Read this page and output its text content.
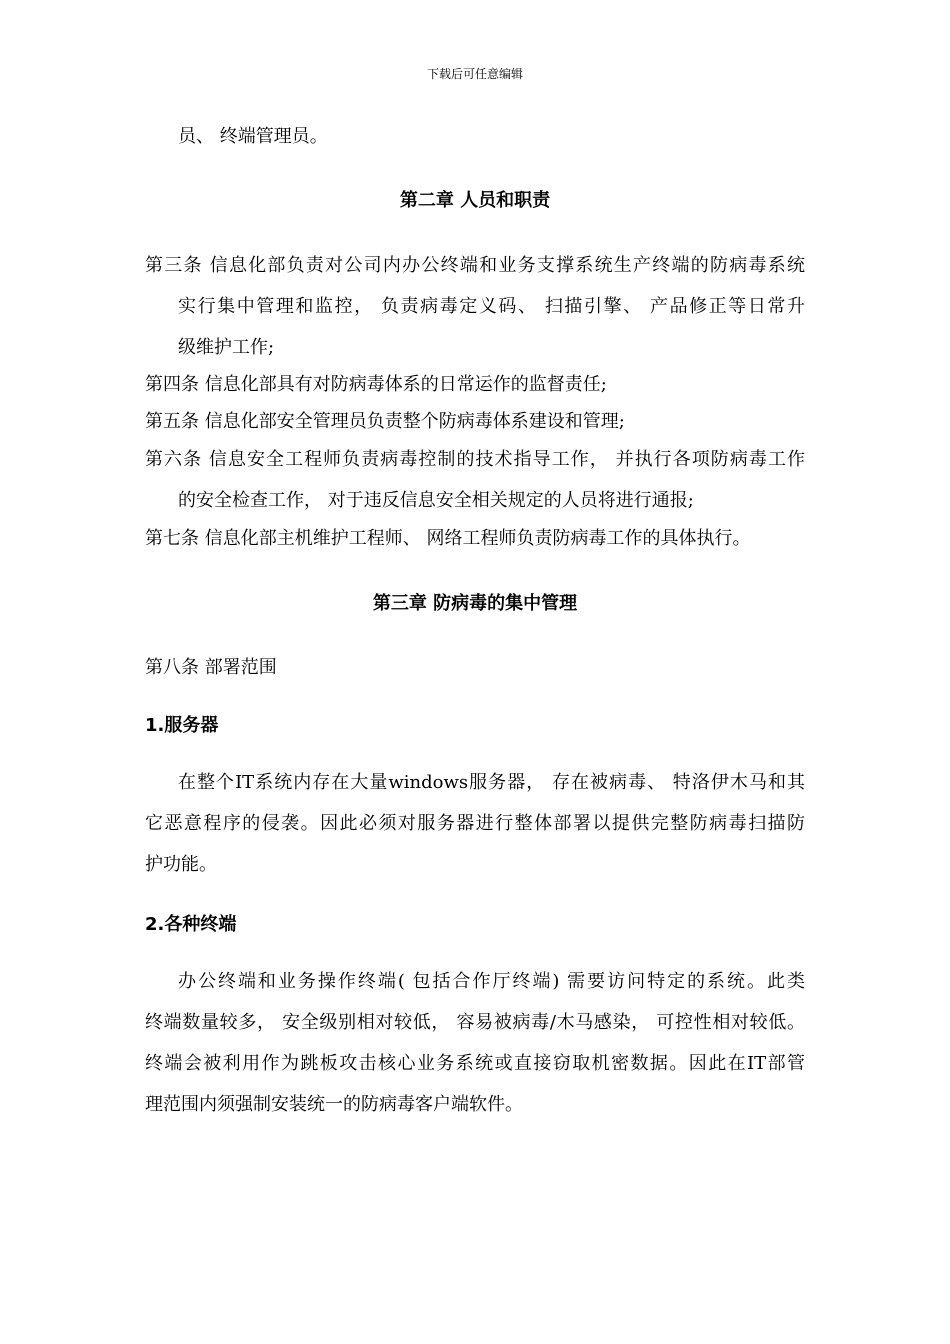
下载后可任意编辑
员、 终端管理员。
第二章 人员和职责
第三条 信息化部负责对公司内办公终端和业务支撑系统生产终端的防病毒系统
实行集中管理和监控， 负责病毒定义码、 扫描引擎、 产品修正等日常升
级维护工作;
第四条 信息化部具有对防病毒体系的日常运作的监督责任;
第五条 信息化部安全管理员负责整个防病毒体系建设和管理;
第六条 信息安全工程师负责病毒控制的技术指导工作， 并执行各项防病毒工作
的安全检查工作， 对于违反信息安全相关规定的人员将进行通报;
第七条 信息化部主机维护工程师、 网络工程师负责防病毒工作的具体执行。
第三章 防病毒的集中管理
第八条 部署范围
1.服务器
在整个IT系统内存在大量windows服务器， 存在被病毒、 特洛伊木马和其
它恶意程序的侵袭。因此必须对服务器进行整体部署以提供完整防病毒扫描防
护功能。
2.各种终端
办公终端和业务操作终端( 包括合作厅终端) 需要访问特定的系统。此类
终端数量较多， 安全级别相对较低， 容易被病毒/木马感染， 可控性相对较低。
终端会被利用作为跳板攻击核心业务系统或直接窃取机密数据。因此在IT部管
理范围内须强制安装统一的防病毒客户端软件。
